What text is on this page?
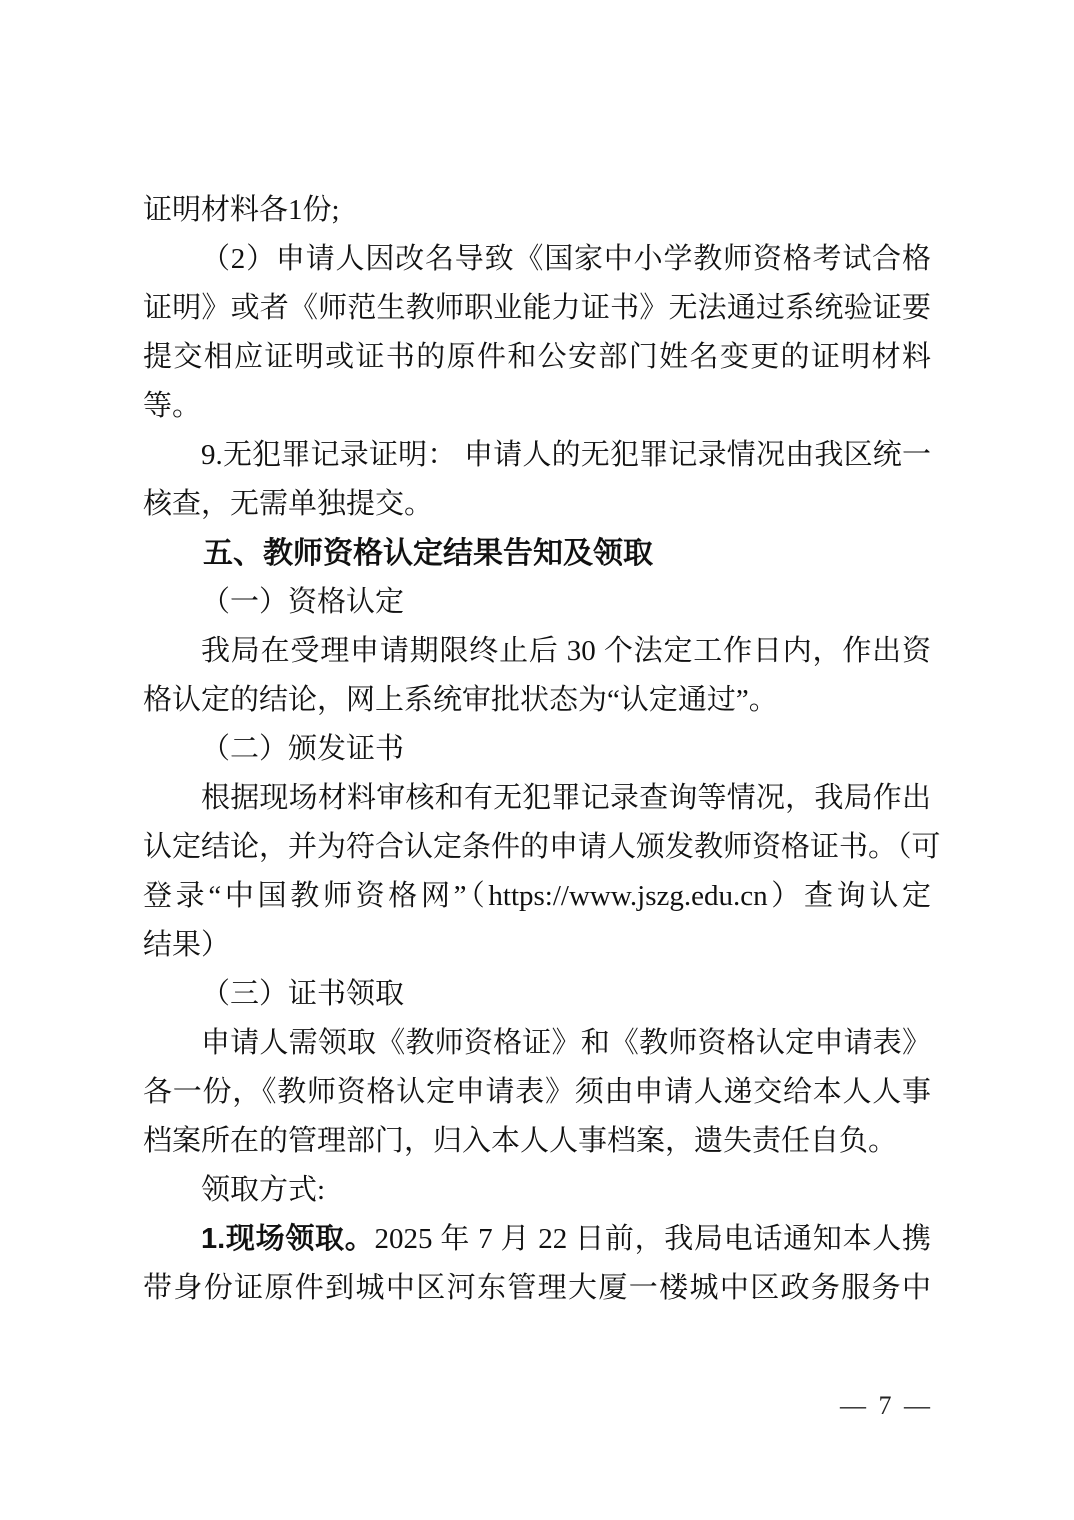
证明材料各1份;
（2）申请人因改名导致《国家中小学教师资格考试合格
证明》或者《师范生教师职业能力证书》无法通过系统验证要
提交相应证明或证书的原件和公安部门姓名变更的证明材料
等。
9.无犯罪记录证明： 申请人的无犯罪记录情况由我区统一
核查，无需单独提交。
五、教师资格认定结果告知及领取
（一）资格认定
我局在受理申请期限终止后 30 个法定工作日内，作出资
格认定的结论，网上系统审批状态为“认定通过”。
（二）颁发证书
根据现场材料审核和有无犯罪记录查询等情况，我局作出
认定结论，并为符合认定条件的申请人颁发教师资格证书。（可
登录“中国教师资格网”（https://www.jszg.edu.cn）查询认定
结果）
（三）证书领取
申请人需领取《教师资格证》和《教师资格认定申请表》
各一份，《教师资格认定申请表》须由申请人递交给本人人事
档案所在的管理部门，归入本人人事档案，遗失责任自负。
领取方式:
1.现场领取。2025 年 7 月 22 日前，我局电话通知本人携
带身份证原件到城中区河东管理大厦一楼城中区政务服务中
— 7 —
